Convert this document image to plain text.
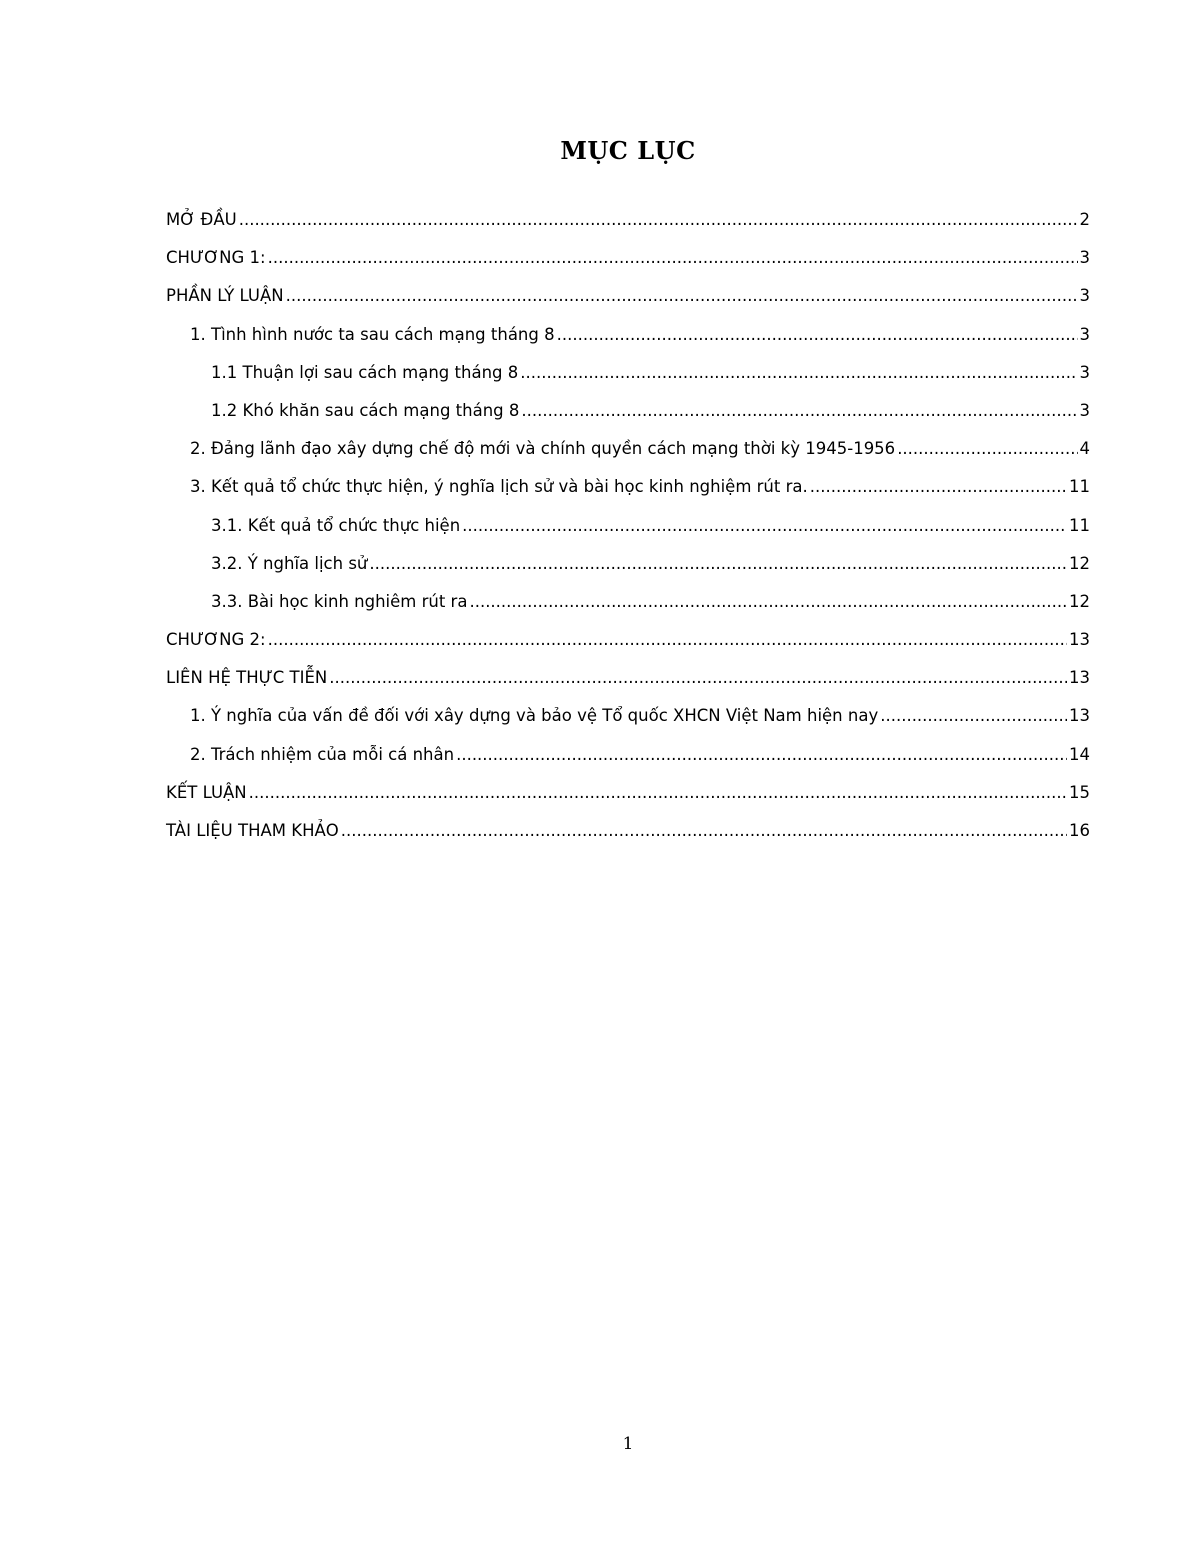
MỤC LỤC
MỞ ĐẦU .....	2
CHƯƠNG 1: .....	3
PHẦN LÝ LUẬN .....	3
1. Tình hình nước ta sau cách mạng tháng 8 .....	3
1.1 Thuận lợi sau cách mạng tháng 8 .....	3
1.2 Khó khăn sau cách mạng tháng 8 .....	3
2. Đảng lãnh đạo xây dựng chế độ mới và chính quyền cách mạng thời kỳ 1945-1956 .....	4
3. Kết quả tổ chức thực hiện, ý nghĩa lịch sử và bài học kinh nghiệm rút ra. .....	11
3.1. Kết quả tổ chức thực hiện .....	11
3.2. Ý nghĩa lịch sử .....	12
3.3. Bài học kinh nghiêm rút ra .....	12
CHƯƠNG 2: .....	13
LIÊN HỆ THỰC TIỄN .....	13
1. Ý nghĩa của vấn đề đối với xây dựng và bảo vệ Tổ quốc XHCN Việt Nam hiện nay .....	13
2. Trách nhiệm của mỗi cá nhân .....	14
KẾT LUẬN .....	15
TÀI LIỆU THAM KHẢO .....	16
1
